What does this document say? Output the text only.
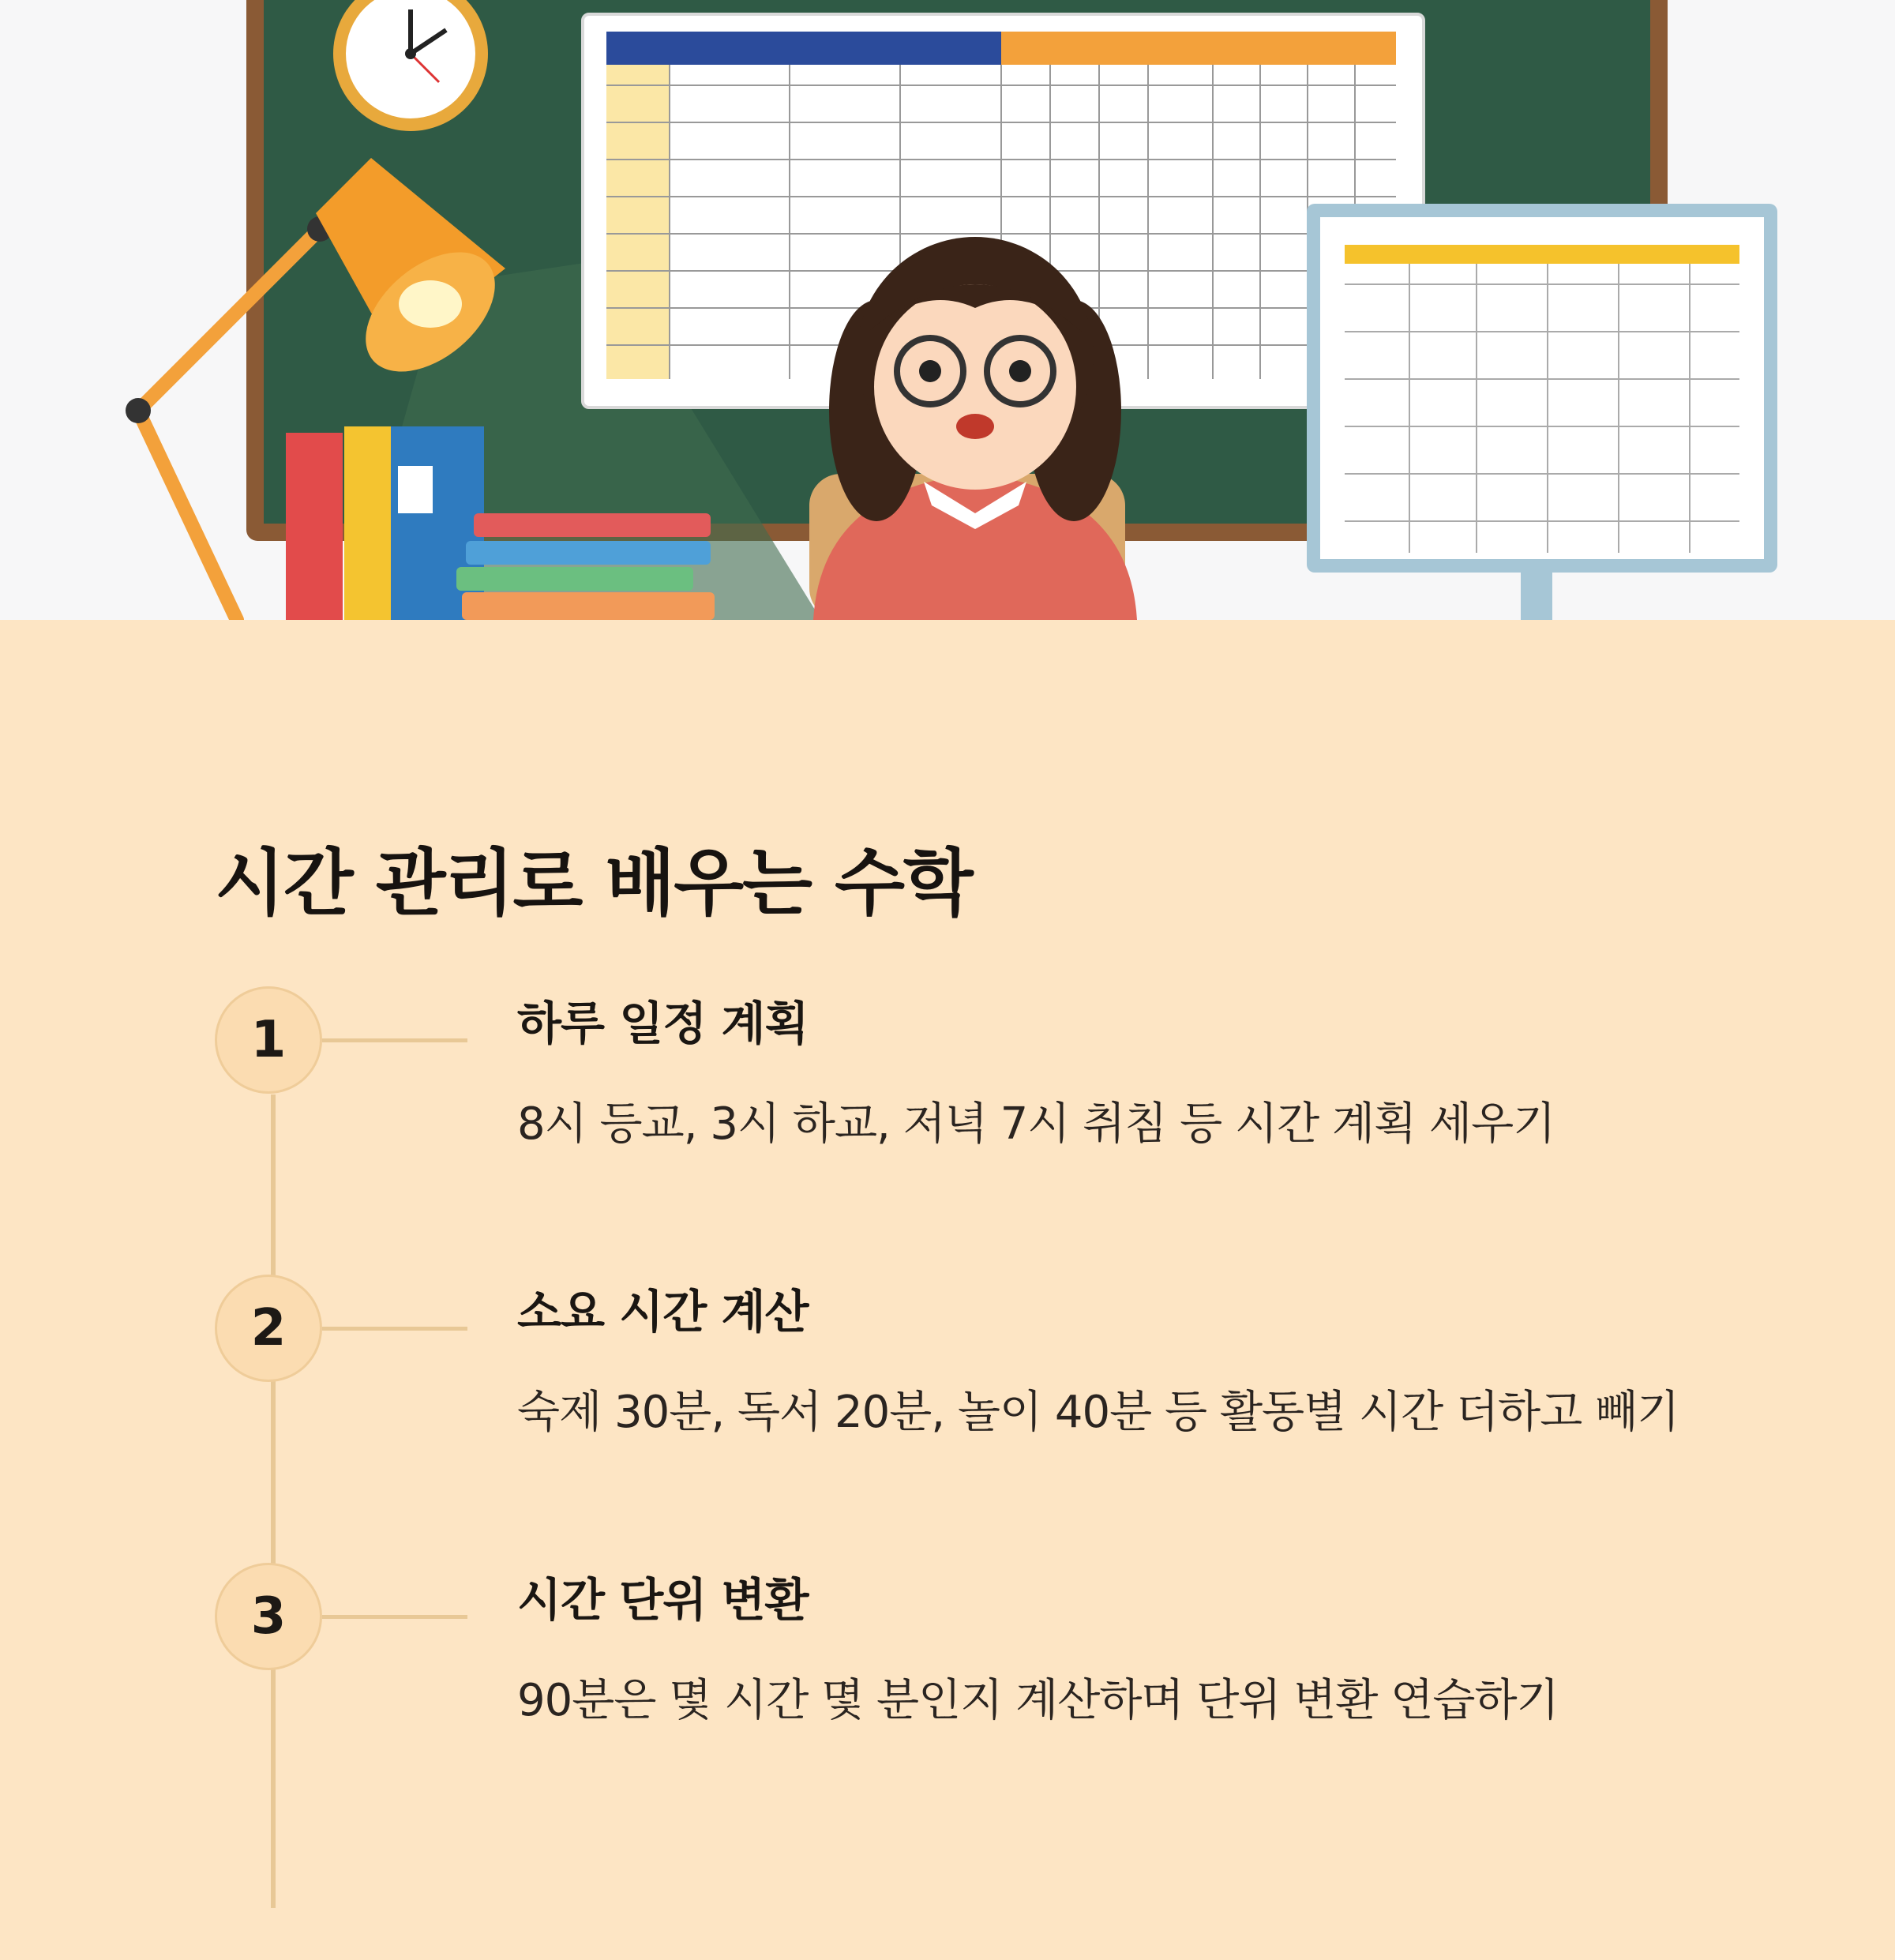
시간 관리로 배우는 수학
1	하루 일정 계획

8시 등교, 3시 하교, 저녁 7시 취침 등 시간 계획 세우기

2	소요 시간 계산

숙제 30분, 독서 20분, 놀이 40분 등 활동별 시간 더하고 빼기

3	시간 단위 변환

90분은 몇 시간 몇 분인지 계산하며 단위 변환 연습하기
